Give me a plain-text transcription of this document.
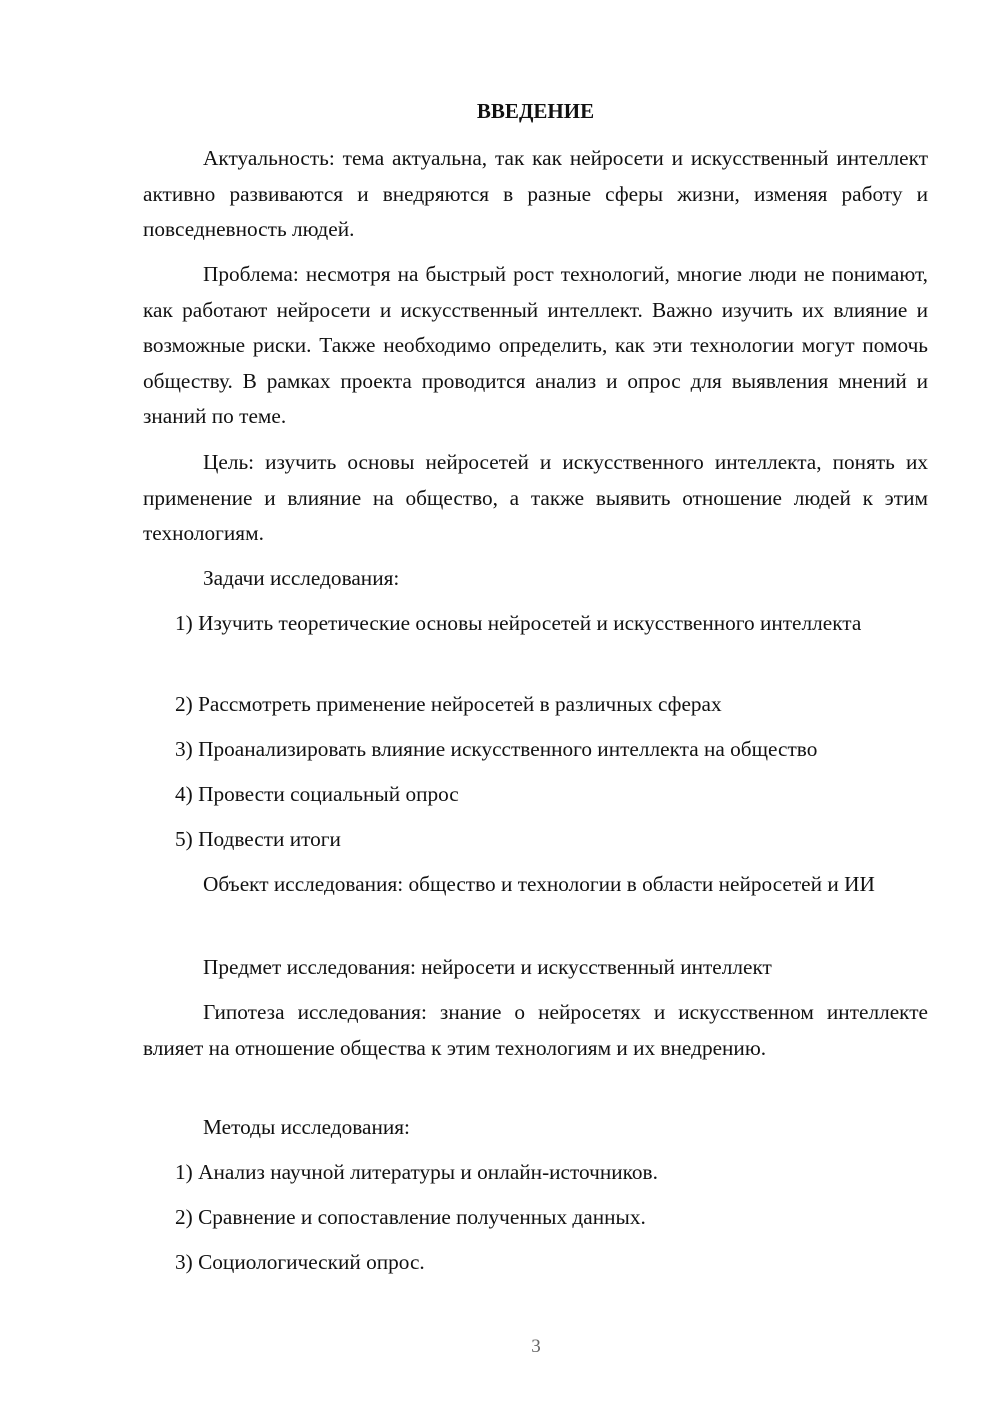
ВВЕДЕНИЕ

Актуальность: тема актуальна, так как нейросети и искусственный интеллект активно развиваются и внедряются в разные сферы жизни, изменяя работу и повседневность людей.

Проблема: несмотря на быстрый рост технологий, многие люди не понимают, как работают нейросети и искусственный интеллект. Важно изучить их влияние и возможные риски. Также необходимо определить, как эти технологии могут помочь обществу. В рамках проекта проводится анализ и опрос для выявления мнений и знаний по теме.

Цель: изучить основы нейросетей и искусственного интеллекта, понять их применение и влияние на общество, а также выявить отношение людей к этим технологиям.

Задачи исследования:

1) Изучить теоретические основы нейросетей и искусственного интеллекта

2) Рассмотреть применение нейросетей в различных сферах

3) Проанализировать влияние искусственного интеллекта на общество

4) Провести социальный опрос

5) Подвести итоги

Объект исследования: общество и технологии в области нейросетей и ИИ

Предмет исследования: нейросети и искусственный интеллект

Гипотеза исследования: знание о нейросетях и искусственном интеллекте влияет на отношение общества к этим технологиям и их внедрению.

Методы исследования:

1) Анализ научной литературы и онлайн-источников.

2) Сравнение и сопоставление полученных данных.

3) Социологический опрос.

3
